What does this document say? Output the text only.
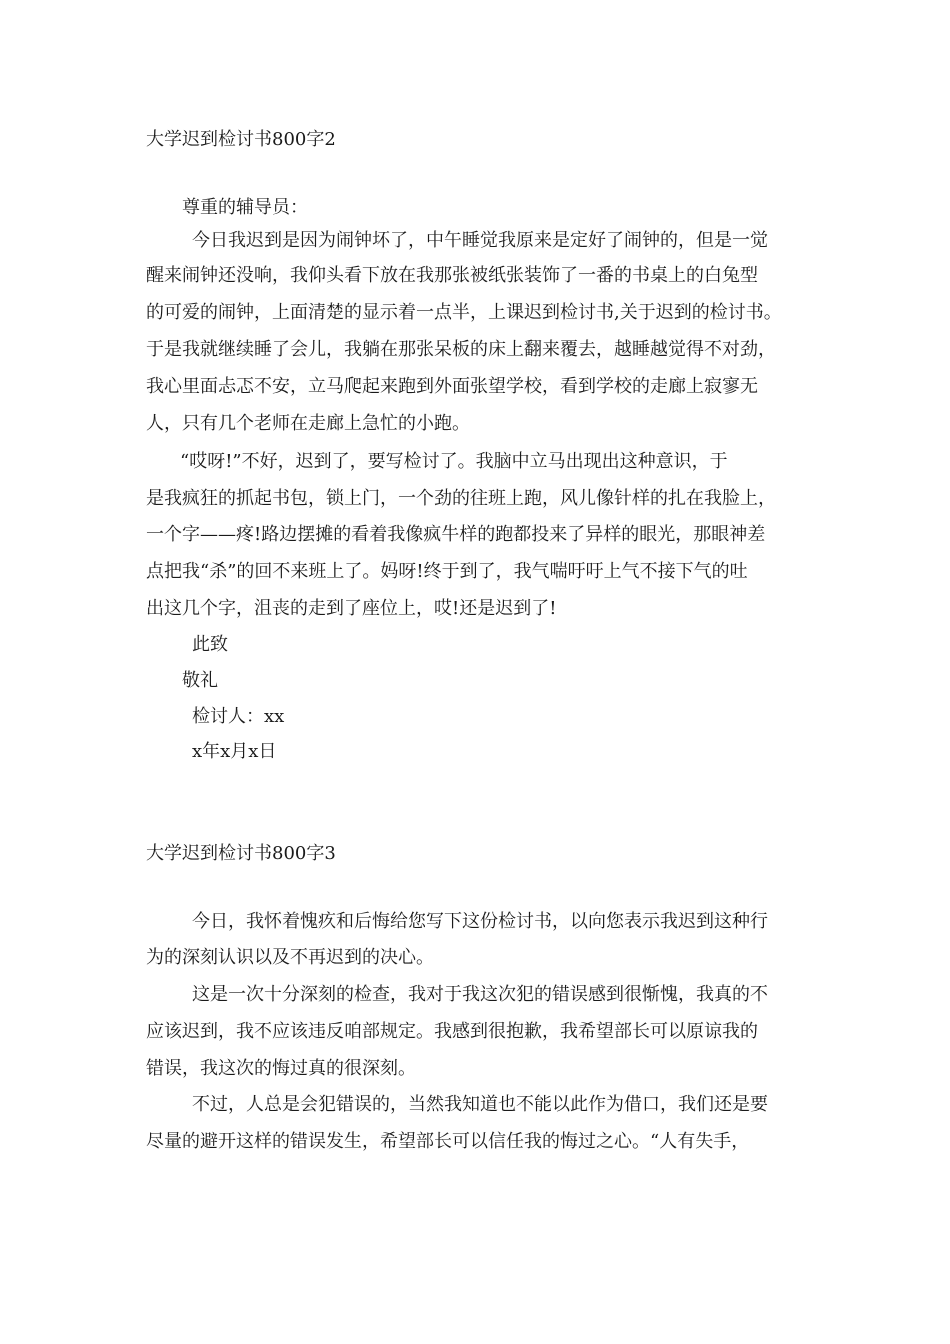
大学迟到检讨书800字2

尊重的辅导员：

今日我迟到是因为闹钟坏了，中午睡觉我原来是定好了闹钟的，但是一觉

醒来闹钟还没响，我仰头看下放在我那张被纸张装饰了一番的书桌上的白兔型

的可爱的闹钟，上面清楚的显示着一点半，上课迟到检讨书,关于迟到的检讨书。

于是我就继续睡了会儿，我躺在那张呆板的床上翻来覆去，越睡越觉得不对劲，

我心里面忐忑不安，立马爬起来跑到外面张望学校，看到学校的走廊上寂寥无

人，只有几个老师在走廊上急忙的小跑。

“哎呀!”不好，迟到了，要写检讨了。我脑中立马出现出这种意识，于

是我疯狂的抓起书包，锁上门，一个劲的往班上跑，风儿像针样的扎在我脸上，

一个字——疼!路边摆摊的看着我像疯牛样的跑都投来了异样的眼光，那眼神差

点把我“杀”的回不来班上了。妈呀!终于到了，我气喘吁吁上气不接下气的吐

出这几个字，沮丧的走到了座位上，哎!还是迟到了!

此致

敬礼

检讨人：xx

x年x月x日

大学迟到检讨书800字3

今日，我怀着愧疚和后悔给您写下这份检讨书，以向您表示我迟到这种行

为的深刻认识以及不再迟到的决心。

这是一次十分深刻的检查，我对于我这次犯的错误感到很惭愧，我真的不

应该迟到，我不应该违反咱部规定。我感到很抱歉，我希望部长可以原谅我的

错误，我这次的悔过真的很深刻。

不过，人总是会犯错误的，当然我知道也不能以此作为借口，我们还是要

尽量的避开这样的错误发生，希望部长可以信任我的悔过之心。“人有失手，
